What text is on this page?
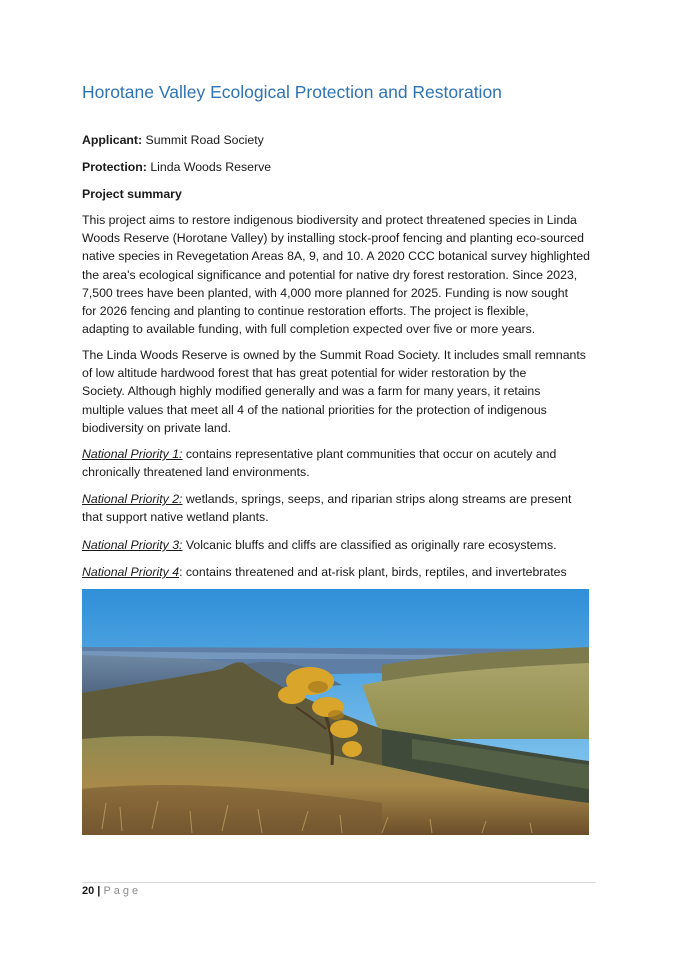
Horotane Valley Ecological Protection and Restoration

Applicant: Summit Road Society

Protection: Linda Woods Reserve

Project summary

This project aims to restore indigenous biodiversity and protect threatened species in Linda
Woods Reserve (Horotane Valley) by installing stock-proof fencing and planting eco-sourced
native species in Revegetation Areas 8A, 9, and 10. A 2020 CCC botanical survey highlighted
the area's ecological significance and potential for native dry forest restoration. Since 2023,
7,500 trees have been planted, with 4,000 more planned for 2025. Funding is now sought
for 2026 fencing and planting to continue restoration efforts. The project is flexible,
adapting to available funding, with full completion expected over five or more years.

The Linda Woods Reserve is owned by the Summit Road Society. It includes small remnants
of low altitude hardwood forest that has great potential for wider restoration by the
Society. Although highly modified generally and was a farm for many years, it retains
multiple values that meet all 4 of the national priorities for the protection of indigenous
biodiversity on private land.

National Priority 1: contains representative plant communities that occur on acutely and
chronically threatened land environments.

National Priority 2: wetlands, springs, seeps, and riparian strips along streams are present
that support native wetland plants.

National Priority 3: Volcanic bluffs and cliffs are classified as originally rare ecosystems.

National Priority 4: contains threatened and at-risk plant, birds, reptiles, and invertebrates

20 | Page
